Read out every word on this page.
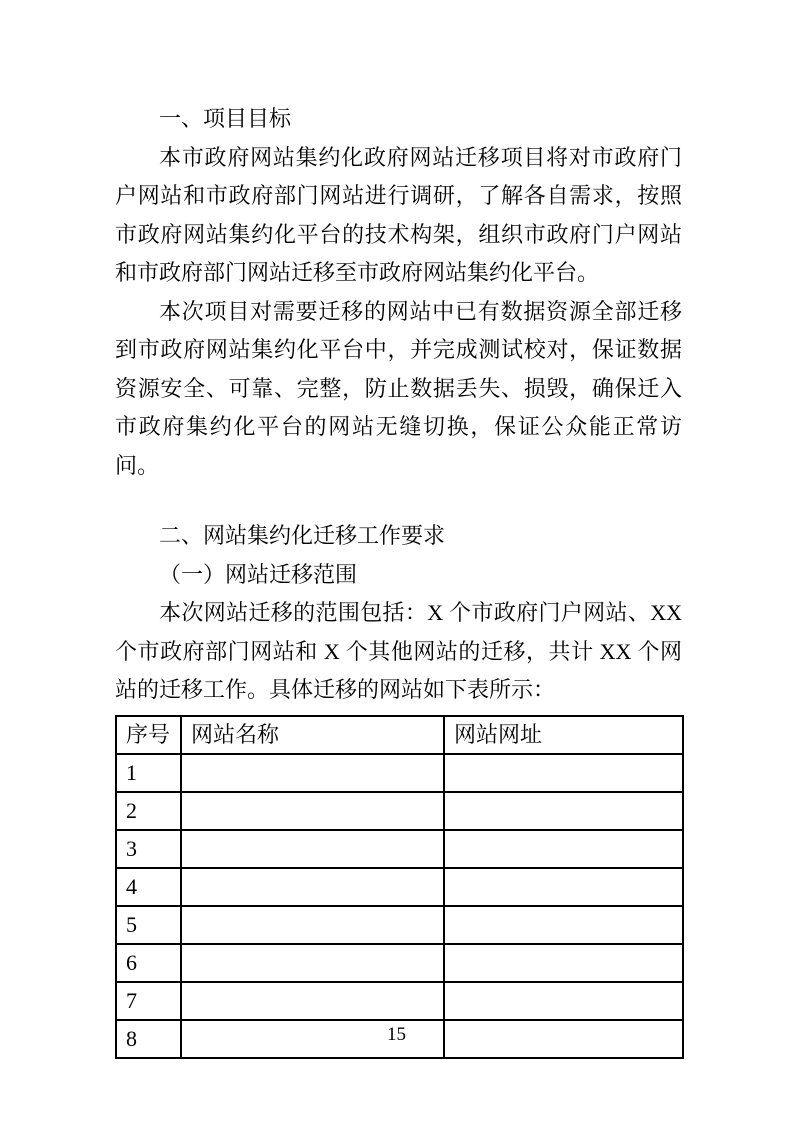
一、项目目标
本市政府网站集约化政府网站迁移项目将对市政府门户网站和市政府部门网站进行调研，了解各自需求，按照市政府网站集约化平台的技术构架，组织市政府门户网站和市政府部门网站迁移至市政府网站集约化平台。
本次项目对需要迁移的网站中已有数据资源全部迁移到市政府网站集约化平台中，并完成测试校对，保证数据资源安全、可靠、完整，防止数据丢失、损毁，确保迁入市政府集约化平台的网站无缝切换，保证公众能正常访问。
二、网站集约化迁移工作要求
（一）网站迁移范围
本次网站迁移的范围包括：X 个市政府门户网站、XX 个市政府部门网站和 X 个其他网站的迁移，共计 XX 个网站的迁移工作。具体迁移的网站如下表所示：
序号	网站名称	网站网址
1		
2		
3		
4		
5		
6		
7		
8			15
